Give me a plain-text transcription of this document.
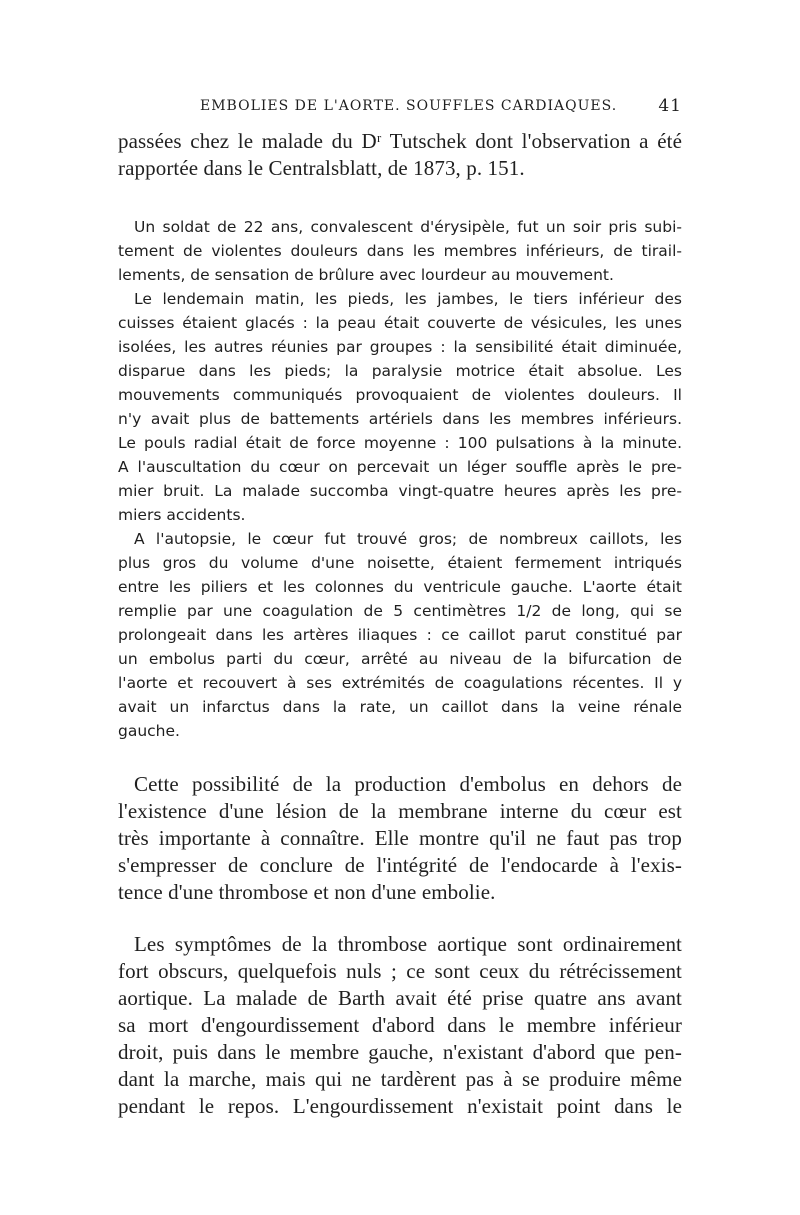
EMBOLIES DE L'AORTE. SOUFFLES CARDIAQUES. 41
passées chez le malade du Dʳ Tutschek dont l'observation a été
rapportée dans le Centralsblatt, de 1873, p. 151.
Un soldat de 22 ans, convalescent d'érysipèle, fut un soir pris subi-
tement de violentes douleurs dans les membres inférieurs, de tirail-
lements, de sensation de brûlure avec lourdeur au mouvement.
Le lendemain matin, les pieds, les jambes, le tiers inférieur des
cuisses étaient glacés : la peau était couverte de vésicules, les unes
isolées, les autres réunies par groupes : la sensibilité était diminuée,
disparue dans les pieds; la paralysie motrice était absolue. Les
mouvements communiqués provoquaient de violentes douleurs. Il
n'y avait plus de battements artériels dans les membres inférieurs.
Le pouls radial était de force moyenne : 100 pulsations à la minute.
A l'auscultation du cœur on percevait un léger souffle après le pre-
mier bruit. La malade succomba vingt-quatre heures après les pre-
miers accidents.
A l'autopsie, le cœur fut trouvé gros; de nombreux caillots, les
plus gros du volume d'une noisette, étaient fermement intriqués
entre les piliers et les colonnes du ventricule gauche. L'aorte était
remplie par une coagulation de 5 centimètres 1/2 de long, qui se
prolongeait dans les artères iliaques : ce caillot parut constitué par
un embolus parti du cœur, arrêté au niveau de la bifurcation de
l'aorte et recouvert à ses extrémités de coagulations récentes. Il y
avait un infarctus dans la rate, un caillot dans la veine rénale
gauche.
Cette possibilité de la production d'embolus en dehors de
l'existence d'une lésion de la membrane interne du cœur est
très importante à connaître. Elle montre qu'il ne faut pas trop
s'empresser de conclure de l'intégrité de l'endocarde à l'exis-
tence d'une thrombose et non d'une embolie.
Les symptômes de la thrombose aortique sont ordinairement
fort obscurs, quelquefois nuls ; ce sont ceux du rétrécissement
aortique. La malade de Barth avait été prise quatre ans avant
sa mort d'engourdissement d'abord dans le membre inférieur
droit, puis dans le membre gauche, n'existant d'abord que pen-
dant la marche, mais qui ne tardèrent pas à se produire même
pendant le repos. L'engourdissement n'existait point dans le
